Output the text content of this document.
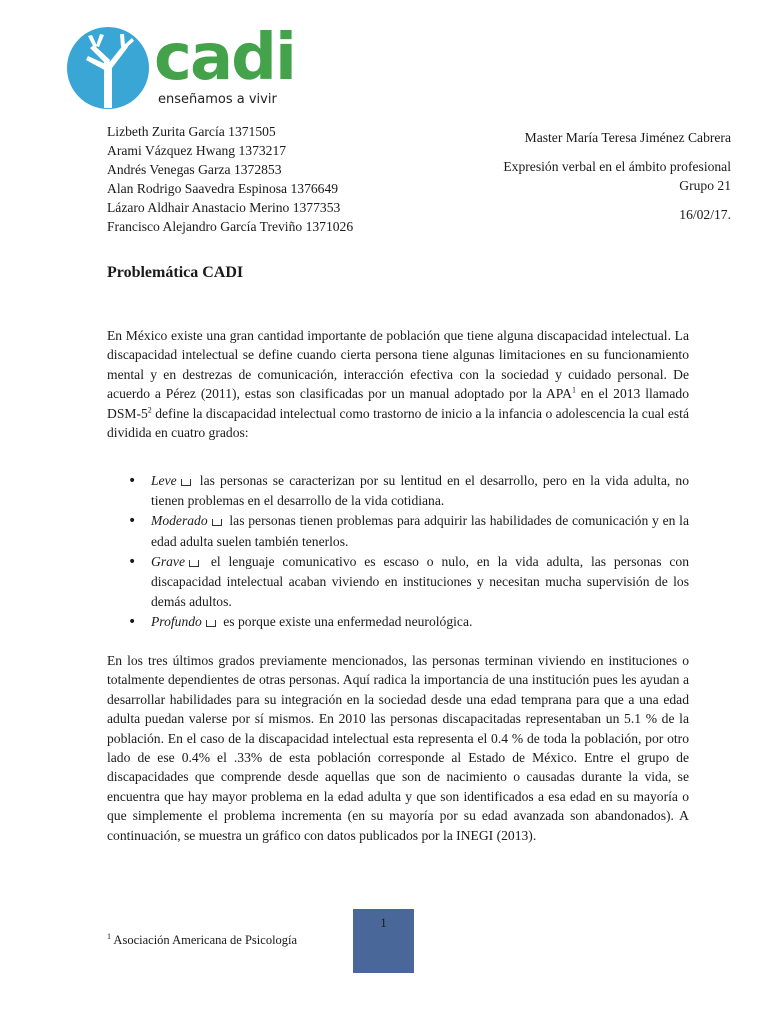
cadi
enseñamos a vivir
Lizbeth Zurita García 1371505
Arami Vázquez Hwang 1373217
Andrés Venegas Garza 1372853
Alan Rodrigo Saavedra Espinosa 1376649
Lázaro Aldhair Anastacio Merino 1377353
Francisco Alejandro García Treviño 1371026
Master María Teresa Jiménez Cabrera
Expresión verbal en el ámbito profesional
Grupo 21
16/02/17.
Problemática CADI
En México existe una gran cantidad importante de población que tiene alguna discapacidad intelectual. La discapacidad intelectual se define cuando cierta persona tiene algunas limitaciones en su funcionamiento mental y en destrezas de comunicación, interacción efectiva con la sociedad y cuidado personal. De acuerdo a Pérez (2011), estas son clasificadas por un manual adoptado por la APA$^1$ en el 2013 llamado DSM-$5^2$ define la discapacidad intelectual como trastorno de inicio a la infancia o adolescencia la cual está dividida en cuatro grados:
• Leve las personas se caracterizan por su lentitud en el desarrollo, pero en la vida adulta, no tienen problemas en el desarrollo de la vida cotidiana.
• Moderado las personas tienen problemas para adquirir las habilidades de comunicación y en la edad adulta suelen también tenerlos.
• Grave el lenguaje comunicativo es escaso o nulo, en la vida adulta, las personas con discapacidad intelectual acaban viviendo en instituciones y necesitan mucha supervisión de los demás adultos.
• Profundo es porque existe una enfermedad neurológica.
En los tres últimos grados previamente mencionados, las personas terminan viviendo en instituciones o totalmente dependientes de otras personas. Aquí radica la importancia de una institución pues les ayudan a desarrollar habilidades para su integración en la sociedad desde una edad temprana para que a una edad adulta puedan valerse por sí mismos. En 2010 las personas discapacitadas representaban un 5.1 % de la población. En el caso de la discapacidad intelectual esta representa el 0.4 % de toda la población, por otro lado de ese 0.4% el .33% de esta población corresponde al Estado de México. Entre el grupo de discapacidades que comprende desde aquellas que son de nacimiento o causadas durante la vida, se encuentra que hay mayor problema en la edad adulta y que son identificados a esa edad en su mayoría o que simplemente el problema incrementa (en su mayoría por su edad avanzada son abandonados). A continuación, se muestra un gráfico con datos publicados por la INEGI (2013).
1
$^1$ Asociación Americana de Psicología
